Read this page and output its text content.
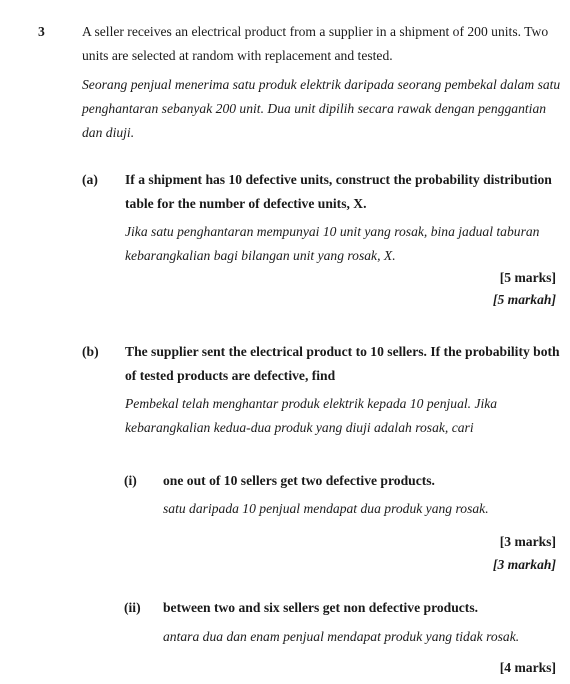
3	A seller receives an electrical product from a supplier in a shipment of 200 units. Two units are selected at random with replacement and tested.
Seorang penjual menerima satu produk elektrik daripada seorang pembekal dalam satu penghantaran sebanyak 200 unit. Dua unit dipilih secara rawak dengan penggantian dan diuji.
(a) If a shipment has 10 defective units, construct the probability distribution table for the number of defective units, X.
Jika satu penghantaran mempunyai 10 unit yang rosak, bina jadual taburan kebarangkalian bagi bilangan unit yang rosak, X.
[5 marks]
[5 markah]
(b) The supplier sent the electrical product to 10 sellers. If the probability both of tested products are defective, find
Pembekal telah menghantar produk elektrik kepada 10 penjual. Jika kebarangkalian kedua-dua produk yang diuji adalah rosak, cari
(i) one out of 10 sellers get two defective products.
satu daripada 10 penjual mendapat dua produk yang rosak.
[3 marks]
[3 markah]
(ii) between two and six sellers get non defective products.
antara dua dan enam penjual mendapat produk yang tidak rosak.
[4 marks]
